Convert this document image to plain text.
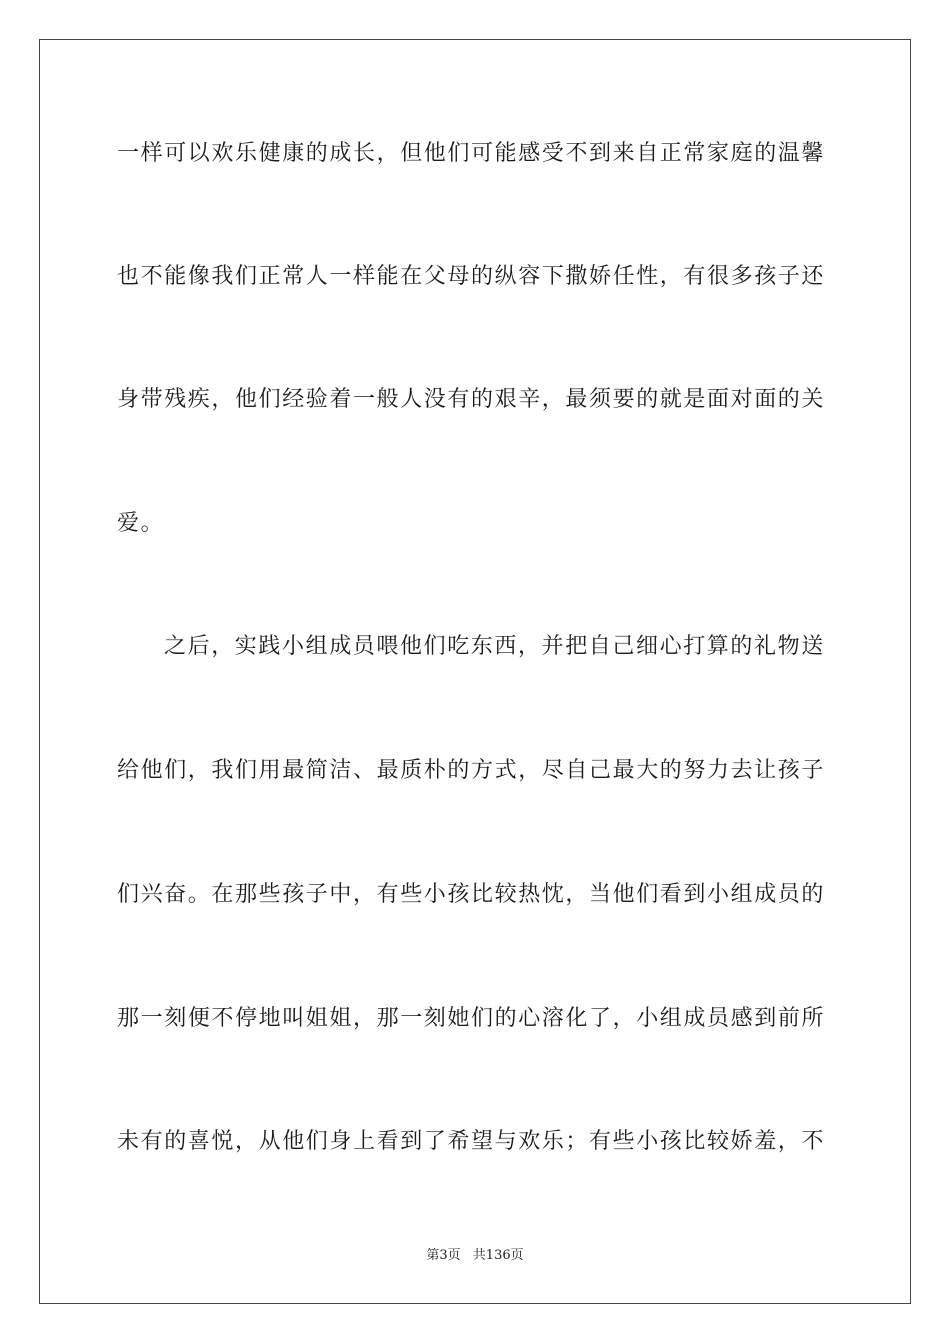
一样可以欢乐健康的成长，但他们可能感受不到来自正常家庭的温馨
也不能像我们正常人一样能在父母的纵容下撒娇任性，有很多孩子还
身带残疾，他们经验着一般人没有的艰辛，最须要的就是面对面的关
爱。
之后，实践小组成员喂他们吃东西，并把自己细心打算的礼物送
给他们，我们用最简洁、最质朴的方式，尽自己最大的努力去让孩子
们兴奋。在那些孩子中，有些小孩比较热忱，当他们看到小组成员的
那一刻便不停地叫姐姐，那一刻她们的心溶化了，小组成员感到前所
未有的喜悦，从他们身上看到了希望与欢乐；有些小孩比较娇羞，不
第3页 共136页
